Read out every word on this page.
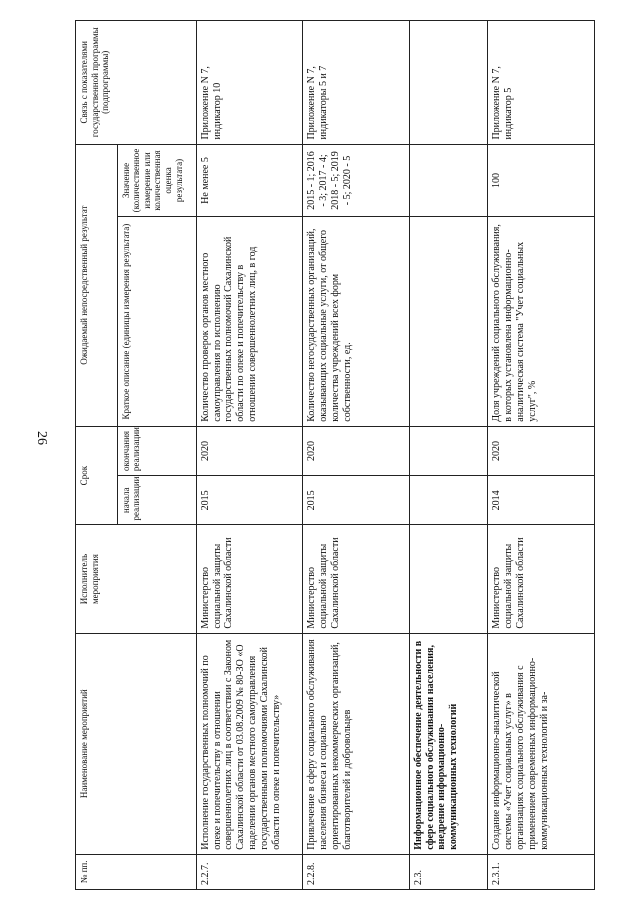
26
№ пп.	Наименование мероприятий	Исполнитель мероприятия	Срок		Ожидаемый непосредственный результат		Связь с показателями государственной программы (подпрограммы)
			начала реализации	окончания реализации	Краткое описание (единицы измерения результата)	Значение (количественное измерение или количественная оценка результата)	
2.2.7.	Исполнение государственных полномочий по опеке и попечительству в отношении совершеннолетних лиц в соответствии с Законом Сахалинской области от 03.08.2009 № 80-ЗО «О наделении органов местного самоуправления государственными полномочиями Сахалинской области по опеке и попечительству»	Министерство социальной защиты Сахалинской области	2015	2020	Количество проверок органов местного самоуправления по исполнению государственных полномочий Сахалинской области по опеке и попечительству в отношении совершеннолетних лиц, в год	Не менее 5	Приложение N 7, индикатор 10
2.2.8.	Привлечение в сферу социального обслуживания населения бизнеса и социально ориентированных некоммерческих организаций, благотворителей и добровольцев	Министерство социальной защиты Сахалинской области	2015	2020	Количество негосударственных организаций, оказывающих социальные услуги, от общего количества учреждений всех форм собственности, ед.	2015 - 1; 2016 - 3; 2017 - 4; 2018 - 5; 2019 - 5; 2020 - 5	Приложение N 7, индикаторы 5 и 7
2.3.	Информационное обеспечение деятельности в сфере социального обслуживания населения, внедрение информационно-коммуникационных технологий						
2.3.1.	Создание информационно-аналитической системы «Учет социальных услуг» в организациях социального обслуживания с применением современных информационно-коммуникационных технологий и за-	Министерство социальной защиты Сахалинской области	2014	2020	Доля учреждений социального обслуживания, в которых установлена информационно-аналитическая система "Учет социальных услуг", %	100	Приложение N 7, индикатор 5
